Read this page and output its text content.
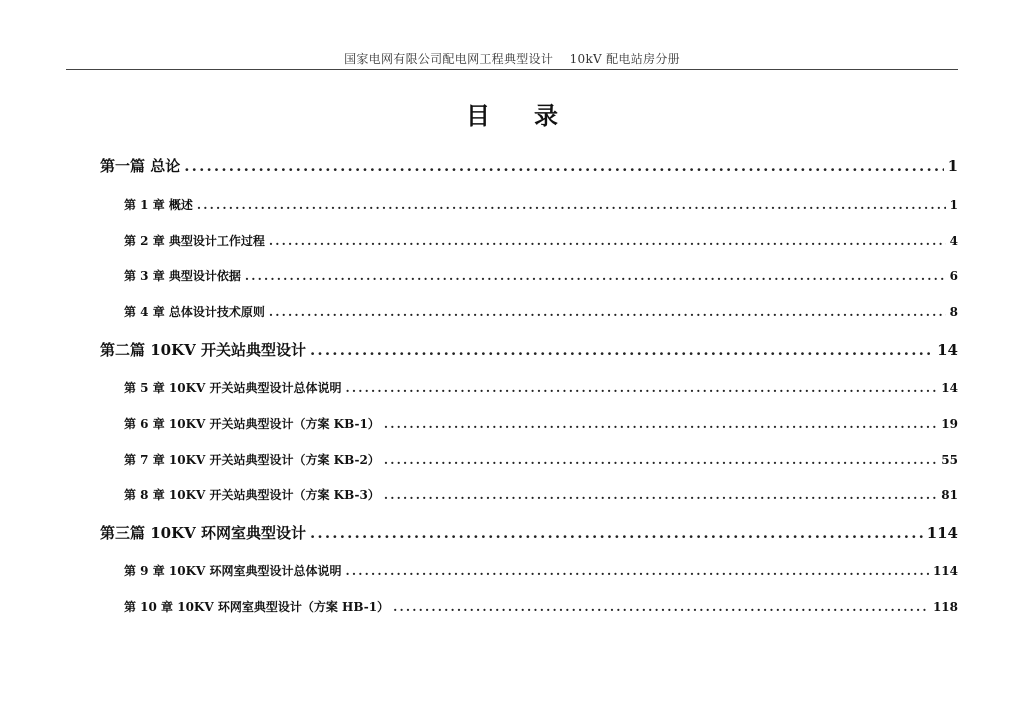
国家电网有限公司配电网工程典型设计　 10kV 配电站房分册
目录
第一篇 总论 .....	1
第 1 章 概述 .....	1
第 2 章 典型设计工作过程 .....	4
第 3 章 典型设计依据 .....	6
第 4 章 总体设计技术原则 .....	8
第二篇 10KV 开关站典型设计 .....	14
第 5 章 10KV 开关站典型设计总体说明 .....	14
第 6 章 10KV 开关站典型设计（方案 KB-1） .....	19
第 7 章 10KV 开关站典型设计（方案 KB-2） .....	55
第 8 章 10KV 开关站典型设计（方案 KB-3） .....	81
第三篇 10KV 环网室典型设计 .....	114
第 9 章 10KV 环网室典型设计总体说明 .....	114
第 10 章 10KV 环网室典型设计（方案 HB-1） .....	118
